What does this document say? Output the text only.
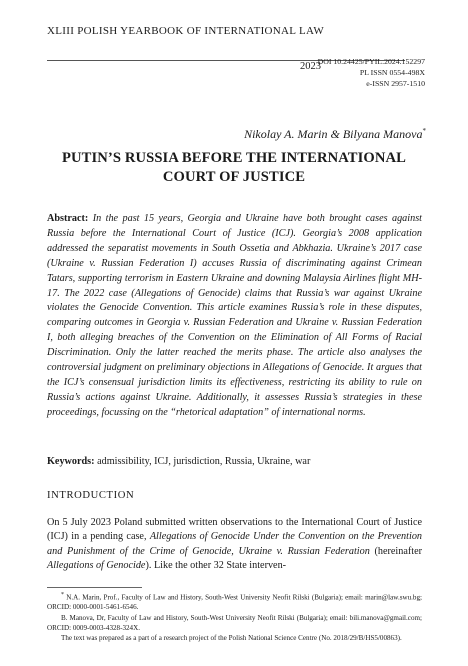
XLIII POLISH YEARBOOK OF INTERNATIONAL LAW
2023
DOI 10.24425/PYIL.2024.152297
PL ISSN 0554-498X
e-ISSN 2957-1510
Nikolay A. Marin & Bilyana Manova*
PUTIN’S RUSSIA BEFORE THE INTERNATIONAL COURT OF JUSTICE
Abstract: In the past 15 years, Georgia and Ukraine have both brought cases against Russia before the International Court of Justice (ICJ). Georgia’s 2008 application addressed the separatist movements in South Ossetia and Abkhazia. Ukraine’s 2017 case (Ukraine v. Russian Federation I) accuses Russia of discriminating against Crimean Tatars, supporting terrorism in Eastern Ukraine and downing Malaysia Airlines flight MH-17. The 2022 case (Allegations of Genocide) claims that Russia’s war against Ukraine violates the Genocide Convention. This article examines Russia’s role in these disputes, comparing outcomes in Georgia v. Russian Federation and Ukraine v. Russian Federation I, both alleging breaches of the Convention on the Elimination of All Forms of Racial Discrimination. Only the latter reached the merits phase. The article also analyses the controversial judgment on preliminary objections in Allegations of Genocide. It argues that the ICJ’s consensual jurisdiction limits its effectiveness, restricting its ability to rule on Russia’s actions against Ukraine. Additionally, it assesses Russia’s strategies in these proceedings, focussing on the “rhetorical adaptation” of international norms.
Keywords: admissibility, ICJ, jurisdiction, Russia, Ukraine, war
INTRODUCTION
On 5 July 2023 Poland submitted written observations to the International Court of Justice (ICJ) in a pending case, Allegations of Genocide Under the Convention on the Prevention and Punishment of the Crime of Genocide, Ukraine v. Russian Federation (hereinafter Allegations of Genocide). Like the other 32 State interven-

* N.A. Marin, Prof., Faculty of Law and History, South-West University Neofit Rilski (Bulgaria); email: marin@law.swu.bg; ORCID: 0000-0001-5461-6546.

B. Manova, Dr, Faculty of Law and History, South-West University Neofit Rilski (Bulgaria); email: bili.manova@gmail.com; ORCID: 0009-0003-4328-324X.

The text was prepared as a part of a research project of the Polish National Science Centre (No. 2018/29/B/HS5/00863).
